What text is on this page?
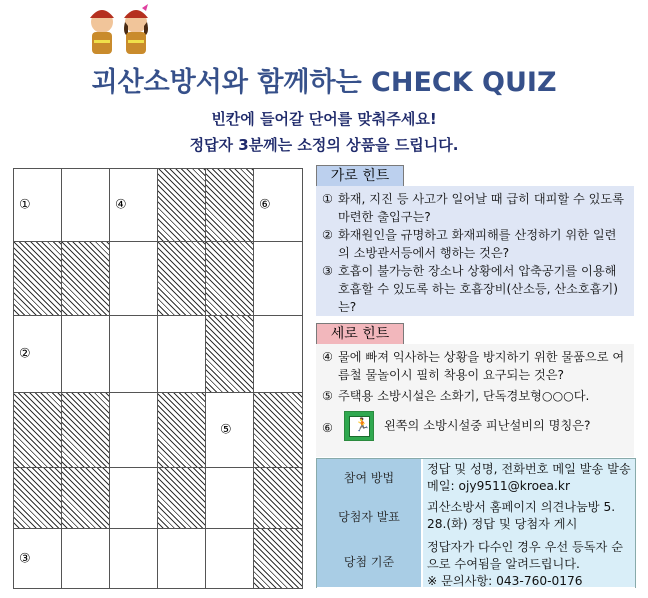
괴산소방서와 함께하는 CHECK QUIZ
빈칸에 들어갈 단어를 맞춰주세요!
정답자 3분께는 소정의 상품을 드립니다.
①	④	⑥
②
⑤
③
가로 힌트
① 화재, 지진 등 사고가 일어날 때 급히 대피할 수 있도록 마련한 출입구는?
② 화재원인을 규명하고 화재피해를 산정하기 위한 일련의 소방관서등에서 행하는 것은?
③ 호흡이 불가능한 장소나 상황에서 압축공기를 이용해 호흡할 수 있도록 하는 호흡장비(산소등, 산소호흡기)는?
세로 힌트
④ 물에 빠져 익사하는 상황을 방지하기 위한 물품으로 여름철 물놀이시 필히 착용이 요구되는 것은?
⑤ 주택용 소방시설은 소화기, 단독경보형○○○다.
⑥ 🏃 왼쪽의 소방시설중 피난설비의 명칭은?
참여 방법
정답 및 성명, 전화번호 메일 발송 발송 메일: ojy9511@kroea.kr
당첨자 발표
괴산소방서 홈페이지 의견나눔방 5. 28.(화) 정답 및 당첨자 게시
당첨 기준
정답자가 다수인 경우 우선 등독자 순으로 수여됨을 알려드립니다.
※ 문의사항: 043-760-0176
